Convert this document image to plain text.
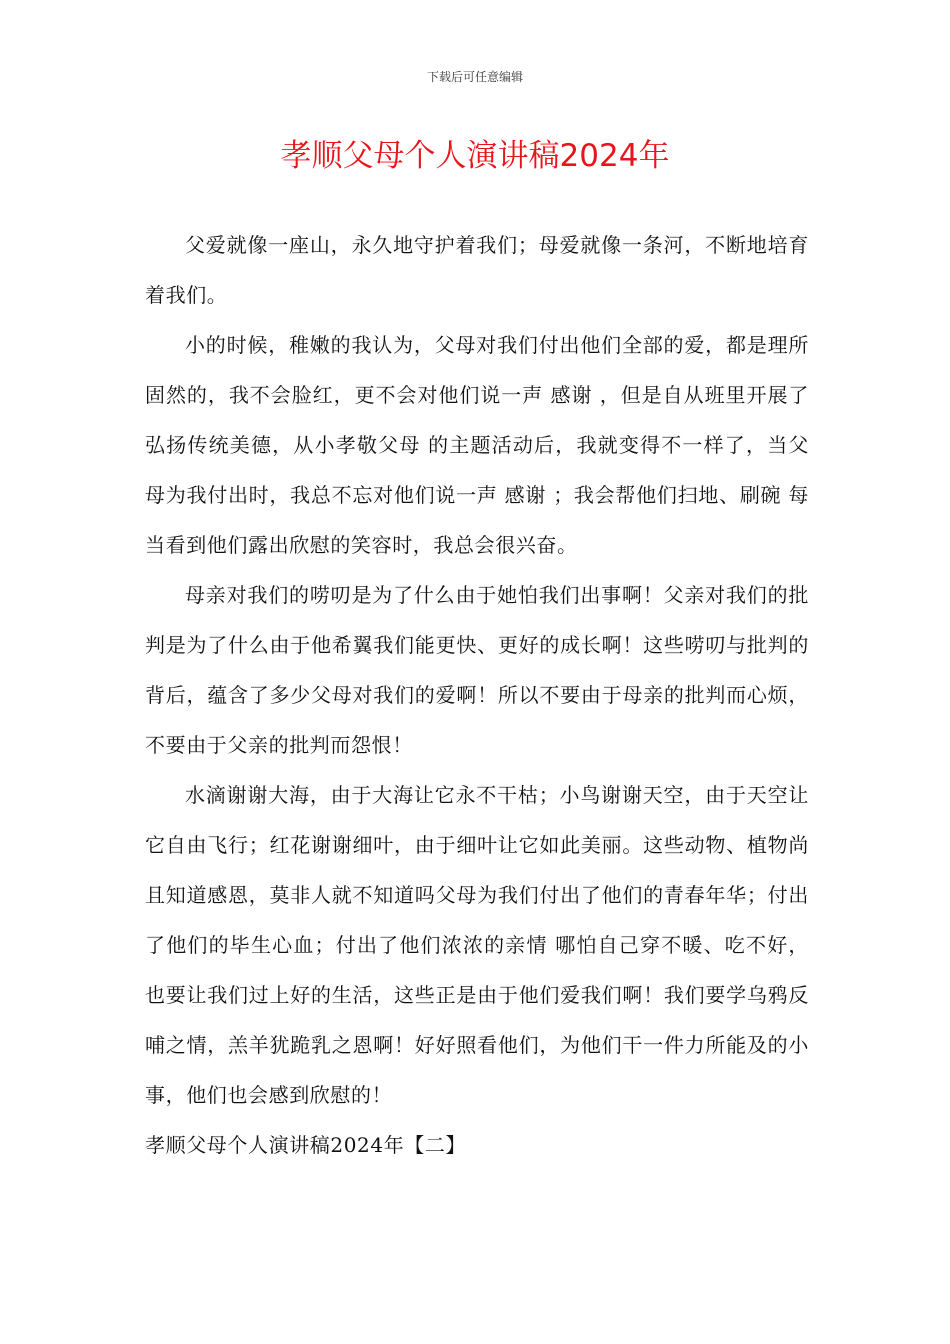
下载后可任意编辑
孝顺父母个人演讲稿2024年

父爱就像一座山，永久地守护着我们；母爱就像一条河，不断地培育着我们。

小的时候，稚嫩的我认为，父母对我们付出他们全部的爱，都是理所固然的，我不会脸红，更不会对他们说一声 感谢 ，但是自从班里开展了 弘扬传统美德，从小孝敬父母 的主题活动后，我就变得不一样了，当父母为我付出时，我总不忘对他们说一声 感谢 ；我会帮他们扫地、刷碗 每当看到他们露出欣慰的笑容时，我总会很兴奋。

母亲对我们的唠叨是为了什么由于她怕我们出事啊！父亲对我们的批判是为了什么由于他希翼我们能更快、更好的成长啊！这些唠叨与批判的背后，蕴含了多少父母对我们的爱啊！所以不要由于母亲的批判而心烦，不要由于父亲的批判而怨恨！

水滴谢谢大海，由于大海让它永不干枯；小鸟谢谢天空，由于天空让它自由飞行；红花谢谢细叶，由于细叶让它如此美丽。这些动物、植物尚且知道感恩，莫非人就不知道吗父母为我们付出了他们的青春年华；付出了他们的毕生心血；付出了他们浓浓的亲情 哪怕自己穿不暖、吃不好，也要让我们过上好的生活，这些正是由于他们爱我们啊！我们要学乌鸦反哺之情，羔羊犹跪乳之恩啊！好好照看他们，为他们干一件力所能及的小事，他们也会感到欣慰的！

孝顺父母个人演讲稿2024年【二】
